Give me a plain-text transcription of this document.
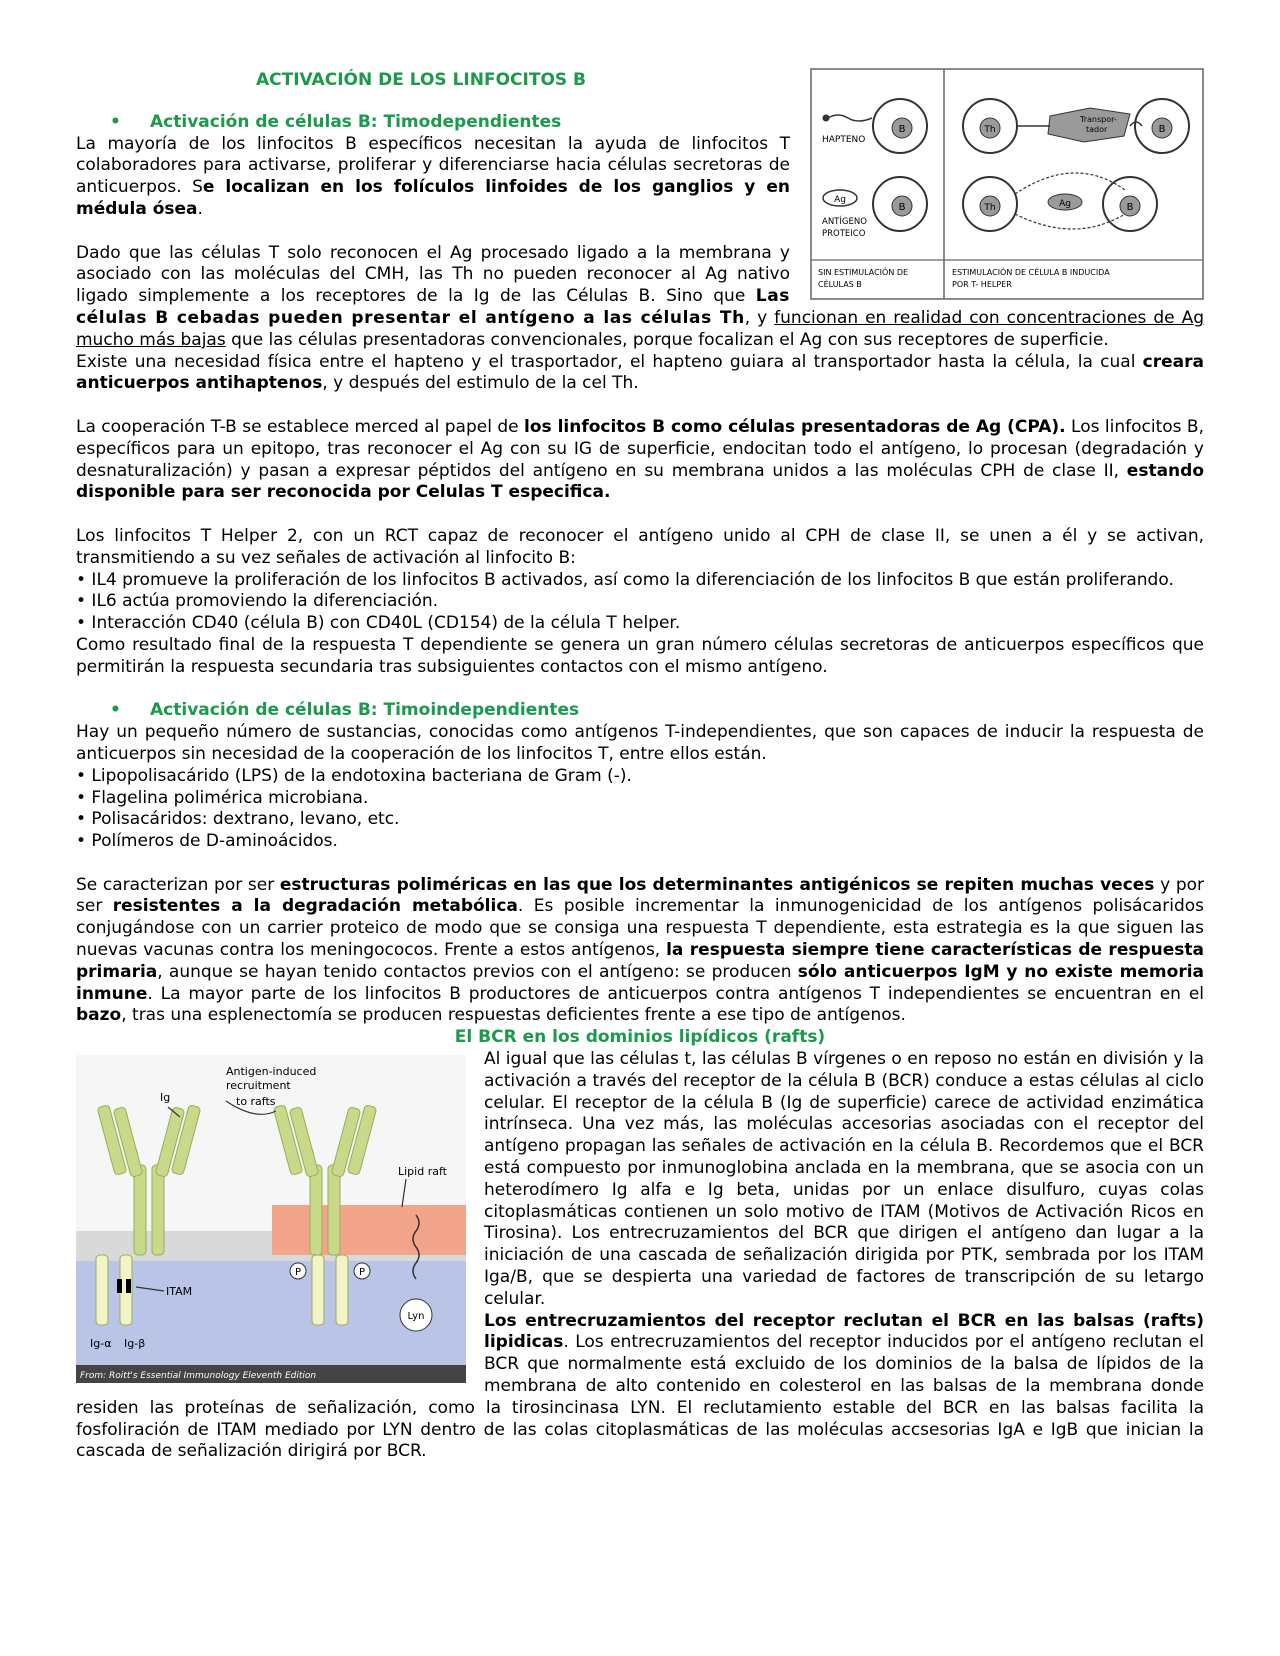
ACTIVACIÓN DE LOS LINFOCITOS B
B
HAPTENO
B
Ag
ANTÍGENO
PROTEICO
Th	B
Transpor-
tador
Th	B
Ag
SIN ESTIMULACIÓN DE
CÉLULAS B
ESTIMULACIÓN DE CÉLULA B INDUCIDA
POR T- HELPER
• Activación de células B: Timodependientes

La mayoría de los linfocitos B específicos necesitan la ayuda de linfocitos T colaboradores para activarse, proliferar y diferenciarse hacia células secretoras de anticuerpos. Se localizan en los folículos linfoides de los ganglios y en médula ósea.

Dado que las células T solo reconocen el Ag procesado ligado a la membrana y asociado con las moléculas del CMH, las Th no pueden reconocer al Ag nativo ligado simplemente a los receptores de la Ig de las Células B. Sino que Las células B cebadas pueden presentar el antígeno a las células Th, y funcionan en realidad con concentraciones de Ag mucho más bajas que las células presentadoras convencionales, porque focalizan el Ag con sus receptores de superficie.

Existe una necesidad física entre el hapteno y el trasportador, el hapteno guiara al transportador hasta la célula, la cual creara anticuerpos antihaptenos, y después del estimulo de la cel Th.

La cooperación T-B se establece merced al papel de los linfocitos B como células presentadoras de Ag (CPA). Los linfocitos B, específicos para un epitopo, tras reconocer el Ag con su IG de superficie, endocitan todo el antígeno, lo procesan (degradación y desnaturalización) y pasan a expresar péptidos del antígeno en su membrana unidos a las moléculas CPH de clase II, estando disponible para ser reconocida por Celulas T especifica.

Los linfocitos T Helper 2, con un RCT capaz de reconocer el antígeno unido al CPH de clase II, se unen a él y se activan, transmitiendo a su vez señales de activación al linfocito B:

• IL4 promueve la proliferación de los linfocitos B activados, así como la diferenciación de los linfocitos B que están proliferando.

• IL6 actúa promoviendo la diferenciación.

• Interacción CD40 (célula B) con CD40L (CD154) de la célula T helper.

Como resultado final de la respuesta T dependiente se genera un gran número células secretoras de anticuerpos específicos que permitirán la respuesta secundaria tras subsiguientes contactos con el mismo antígeno.

• Activación de células B: Timoindependientes

Hay un pequeño número de sustancias, conocidas como antígenos T-independientes, que son capaces de inducir la respuesta de anticuerpos sin necesidad de la cooperación de los linfocitos T, entre ellos están.

• Lipopolisacárido (LPS) de la endotoxina bacteriana de Gram (-).

• Flagelina polimérica microbiana.

• Polisacáridos: dextrano, levano, etc.

• Polímeros de D-aminoácidos.

Se caracterizan por ser estructuras poliméricas en las que los determinantes antigénicos se repiten muchas veces y por ser resistentes a la degradación metabólica. Es posible incrementar la inmunogenicidad de los antígenos polisácaridos conjugándose con un carrier proteico de modo que se consiga una respuesta T dependiente, esta estrategia es la que siguen las nuevas vacunas contra los meningococos. Frente a estos antígenos, la respuesta siempre tiene características de respuesta primaria, aunque se hayan tenido contactos previos con el antígeno: se producen sólo anticuerpos IgM y no existe memoria inmune. La mayor parte de los linfocitos B productores de anticuerpos contra antígenos T independientes se encuentran en el bazo, tras una esplenectomía se producen respuestas deficientes frente a ese tipo de antígenos.

El BCR en los dominios lipídicos (rafts)
P	P
Lyn
Antigen-induced
recruitment
to rafts
Ig
Lipid raft
ITAM
Ig-α Ig-β
From: Roitt's Essential Immunology Eleventh Edition

Al igual que las células t, las células B vírgenes o en reposo no están en división y la activación a través del receptor de la célula B (BCR) conduce a estas células al ciclo celular. El receptor de la célula B (Ig de superficie) carece de actividad enzimática intrínseca. Una vez más, las moléculas accesorias asociadas con el receptor del antígeno propagan las señales de activación en la célula B. Recordemos que el BCR está compuesto por inmunoglobina anclada en la membrana, que se asocia con un heterodímero Ig alfa e Ig beta, unidas por un enlace disulfuro, cuyas colas citoplasmáticas contienen un solo motivo de ITAM (Motivos de Activación Ricos en Tirosina). Los entrecruzamientos del BCR que dirigen el antígeno dan lugar a la iniciación de una cascada de señalización dirigida por PTK, sembrada por los ITAM Iga/B, que se despierta una variedad de factores de transcripción de su letargo celular.

Los entrecruzamientos del receptor reclutan el BCR en las balsas (rafts) lipidicas. Los entrecruzamientos del receptor inducidos por el antígeno reclutan el BCR que normalmente está excluido de los dominios de la balsa de lípidos de la membrana de alto contenido en colesterol en las balsas de la membrana donde residen las proteínas de señalización, como la tirosincinasa LYN. El reclutamiento estable del BCR en las balsas facilita la fosfoliración de ITAM mediado por LYN dentro de las colas citoplasmáticas de las moléculas accsesorias IgA e IgB que inician la cascada de señalización dirigirá por BCR.
